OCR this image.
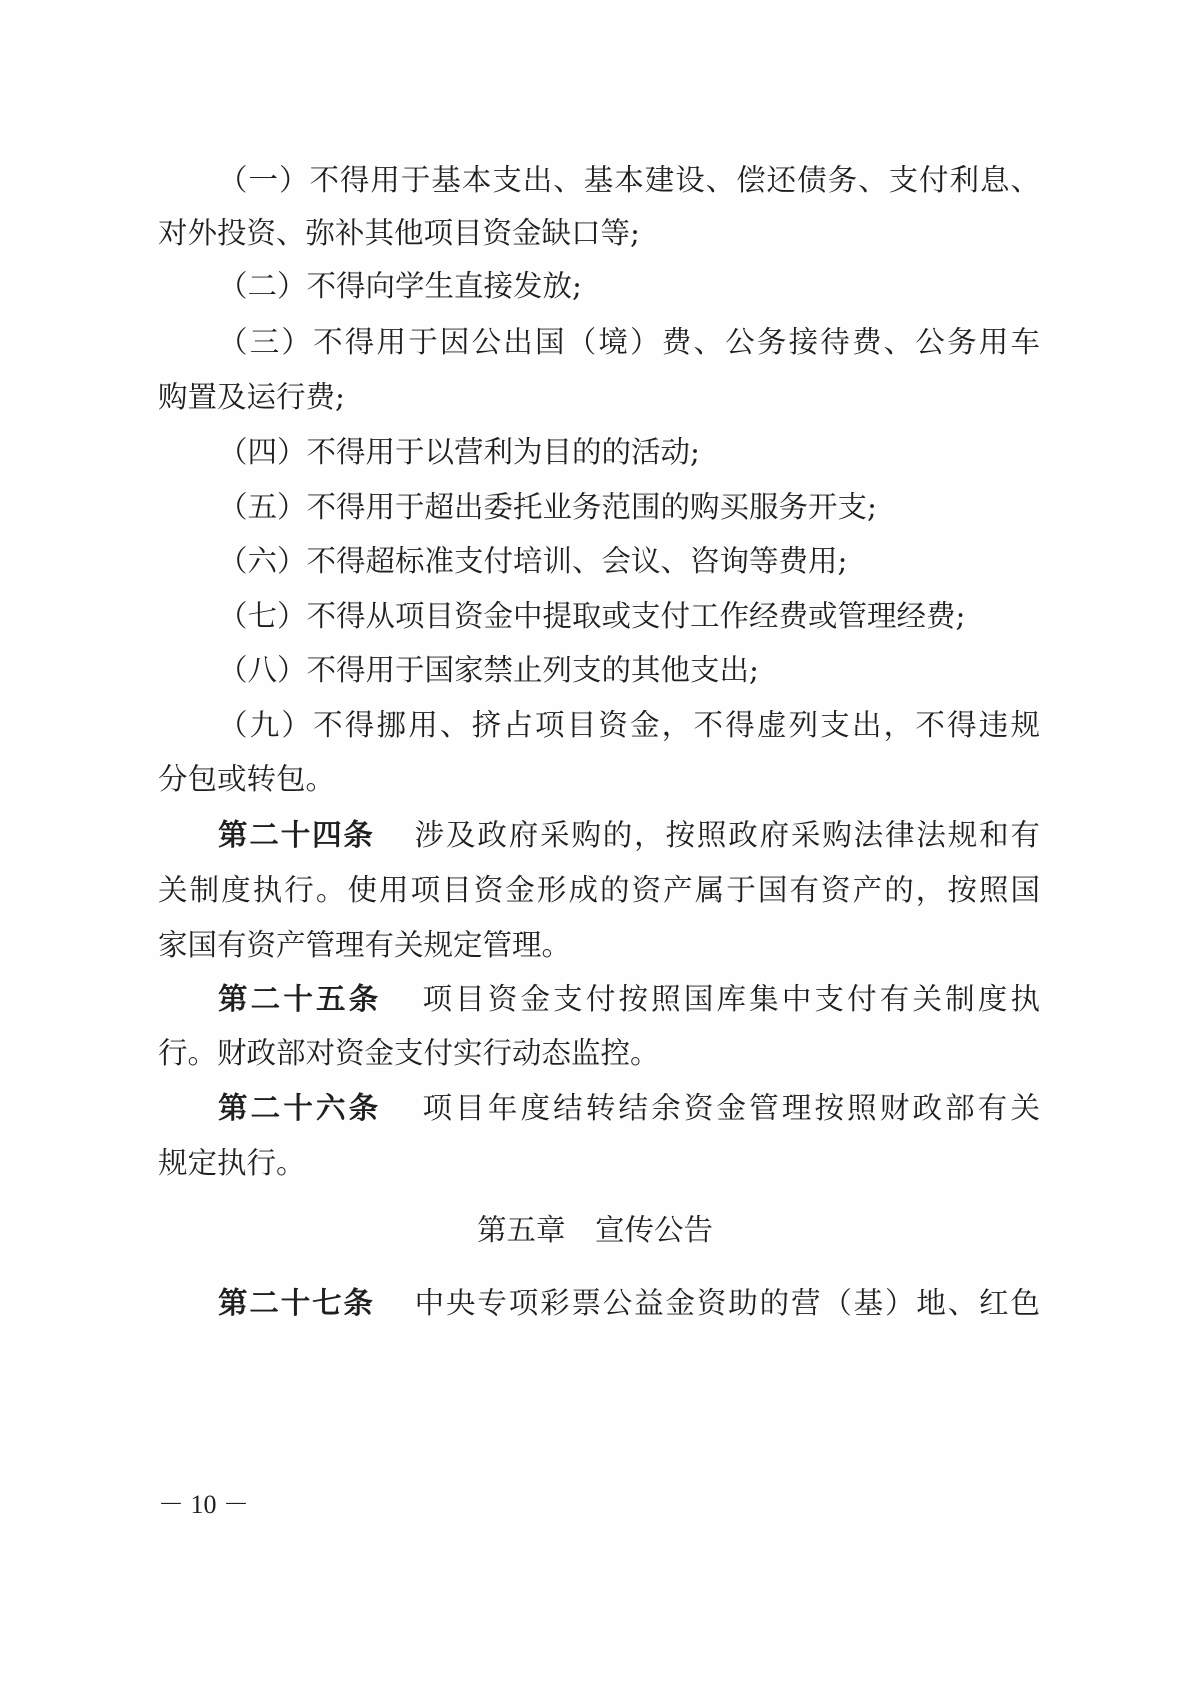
（一）不得用于基本支出、基本建设、偿还债务、支付利息、
对外投资、弥补其他项目资金缺口等;
（二）不得向学生直接发放;
（三）不得用于因公出国（境）费、公务接待费、公务用车
购置及运行费;
（四）不得用于以营利为目的的活动;
（五）不得用于超出委托业务范围的购买服务开支;
（六）不得超标准支付培训、会议、咨询等费用;
（七）不得从项目资金中提取或支付工作经费或管理经费;
（八）不得用于国家禁止列支的其他支出;
（九）不得挪用、挤占项目资金，不得虚列支出，不得违规
分包或转包。
第二十四条 涉及政府采购的，按照政府采购法律法规和有
关制度执行。使用项目资金形成的资产属于国有资产的，按照国
家国有资产管理有关规定管理。
第二十五条 项目资金支付按照国库集中支付有关制度执
行。财政部对资金支付实行动态监控。
第二十六条 项目年度结转结余资金管理按照财政部有关
规定执行。
第五章　宣传公告
第二十七条 中央专项彩票公益金资助的营（基）地、红色
－ 10 －
